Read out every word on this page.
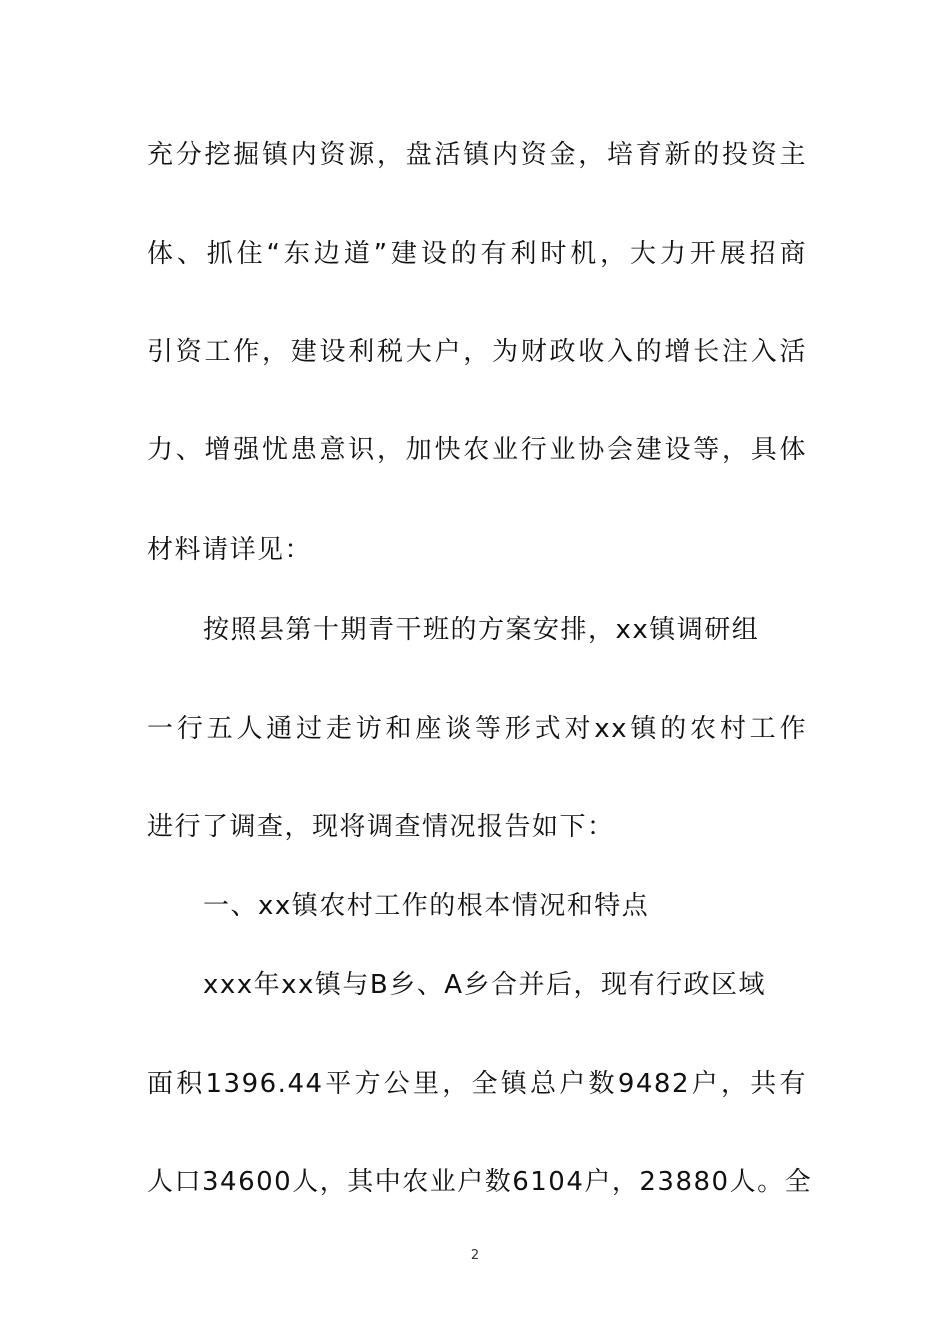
充分挖掘镇内资源，盘活镇内资金，培育新的投资主
体、抓住“东边道”建设的有利时机，大力开展招商
引资工作，建设利税大户，为财政收入的增长注入活
力、增强忧患意识，加快农业行业协会建设等，具体
材料请详见：
按照县第十期青干班的方案安排，xx镇调研组
一行五人通过走访和座谈等形式对xx镇的农村工作
进行了调查，现将调查情况报告如下：
一、xx镇农村工作的根本情况和特点
xxx年xx镇与B乡、A乡合并后，现有行政区域
面积1396.44平方公里，全镇总户数9482户，共有
人口34600人，其中农业户数6104户，23880人。全
2
